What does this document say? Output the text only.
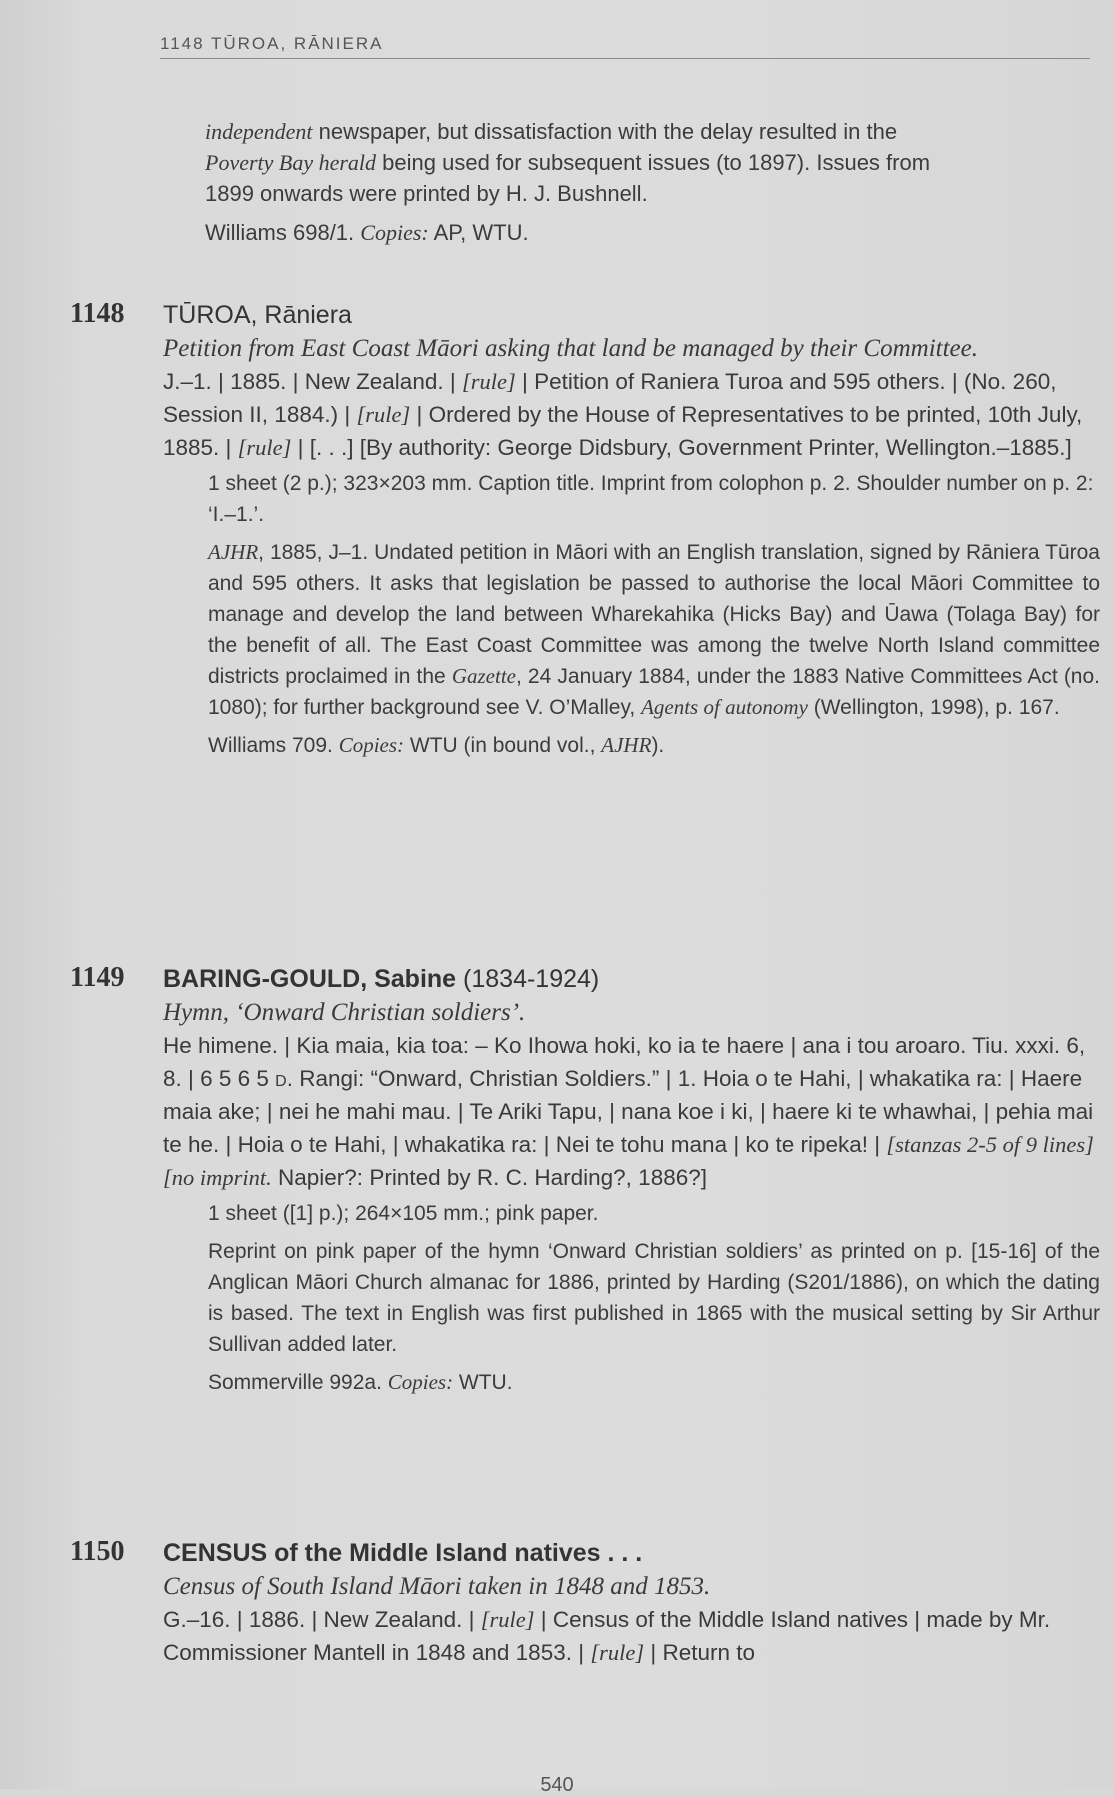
1148 TŪROA, RĀNIERA

independent newspaper, but dissatisfaction with the delay resulted in the
Poverty Bay herald being used for subsequent issues (to 1897). Issues from
1899 onwards were printed by H. J. Bushnell.

Williams 698/1. Copies: AP, WTU.

1148	TŪROA, Rāniera
Petition from East Coast Māori asking that land be managed by their Committee.
J.–1. | 1885. | New Zealand. | [rule] | Petition of Raniera Turoa and 595 others. | (No. 260, Session II, 1884.) | [rule] | Ordered by the House of Representatives to be printed, 10th July, 1885. | [rule] | [. . .] [By authority: George Didsbury, Government Printer, Wellington.–1885.]

1 sheet (2 p.); 323×203 mm. Caption title. Imprint from colophon p. 2. Shoulder number on p. 2: ‘I.–1.’.

AJHR, 1885, J–1. Undated petition in Māori with an English translation, signed by Rāniera Tūroa and 595 others. It asks that legislation be passed to authorise the local Māori Committee to manage and develop the land between Wharekahika (Hicks Bay) and Ūawa (Tolaga Bay) for the benefit of all. The East Coast Committee was among the twelve North Island committee districts proclaimed in the Gazette, 24 January 1884, under the 1883 Native Committees Act (no. 1080); for further background see V. O’Malley, Agents of autonomy (Wellington, 1998), p. 167.

Williams 709. Copies: WTU (in bound vol., AJHR).

1149	BARING-GOULD, Sabine (1834-1924)
Hymn, ‘Onward Christian soldiers’.
He himene. | Kia maia, kia toa: – Ko Ihowa hoki, ko ia te haere | ana i tou aroaro. Tiu. xxxi. 6, 8. | 6 5 6 5 d. Rangi: “Onward, Christian Soldiers.” | 1. Hoia o te Hahi, | whakatika ra: | Haere maia ake; | nei he mahi mau. | Te Ariki Tapu, | nana koe i ki, | haere ki te whawhai, | pehia mai te he. | Hoia o te Hahi, | whakatika ra: | Nei te tohu mana | ko te ripeka! | [stanzas 2-5 of 9 lines] [no imprint. Napier?: Printed by R. C. Harding?, 1886?]

1 sheet ([1] p.); 264×105 mm.; pink paper.

Reprint on pink paper of the hymn ‘Onward Christian soldiers’ as printed on p. [15-16] of the Anglican Māori Church almanac for 1886, printed by Harding (S201/1886), on which the dating is based. The text in English was first published in 1865 with the musical setting by Sir Arthur Sullivan added later.

Sommerville 992a. Copies: WTU.

1150	CENSUS of the Middle Island natives . . .
Census of South Island Māori taken in 1848 and 1853.
G.–16. | 1886. | New Zealand. | [rule] | Census of the Middle Island natives | made by Mr. Commissioner Mantell in 1848 and 1853. | [rule] | Return to
540
